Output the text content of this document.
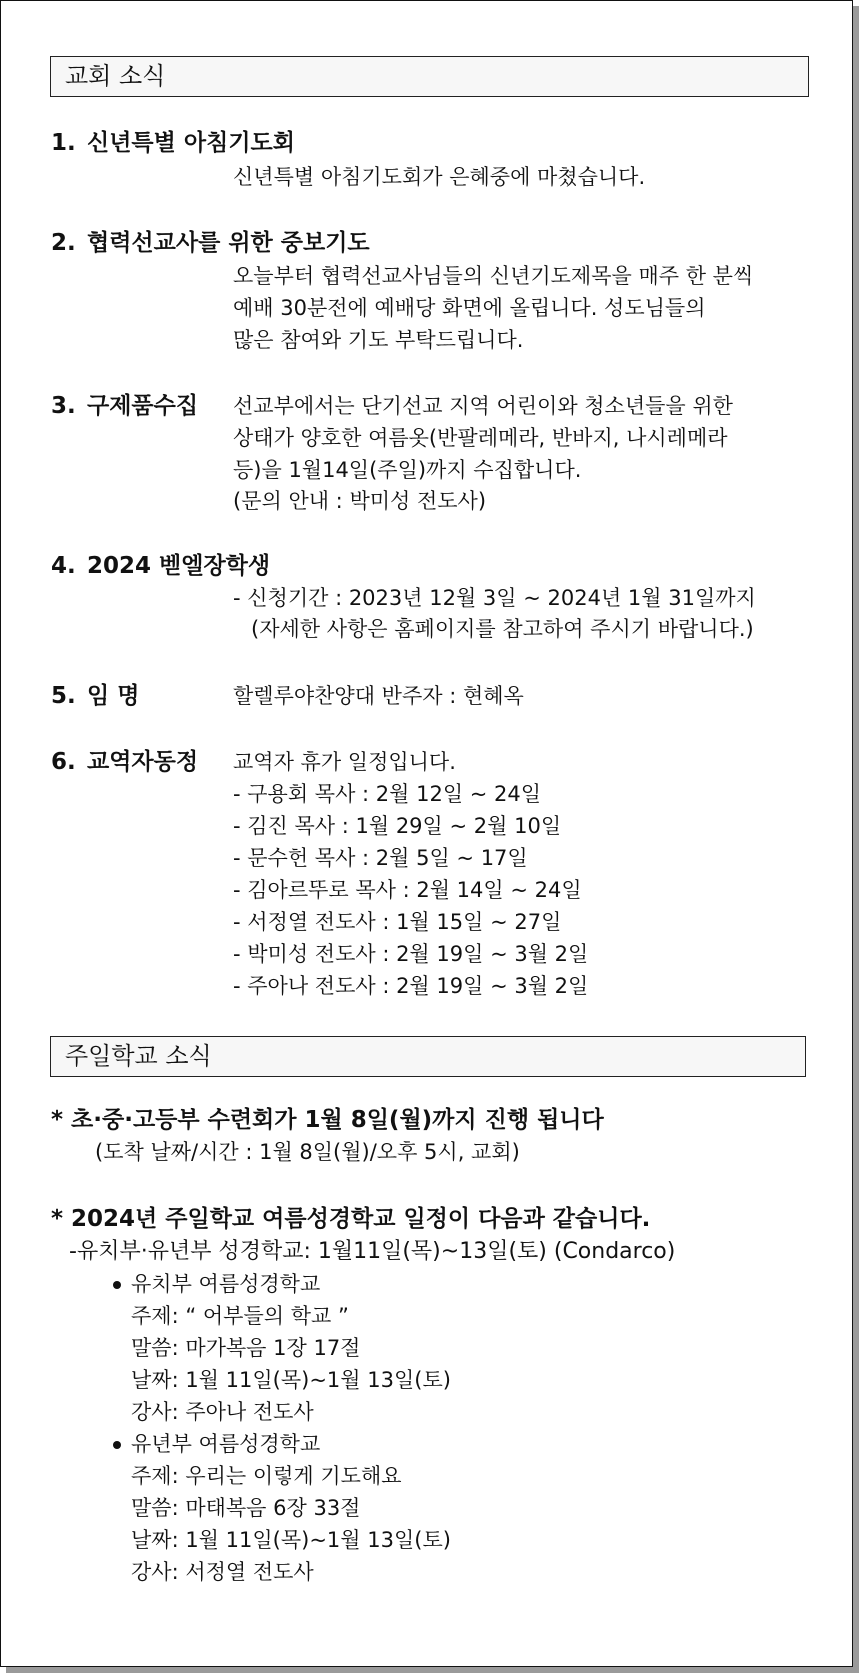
교회 소식
1. 신년특별 아침기도회
신년특별 아침기도회가 은혜중에 마쳤습니다.
2. 협력선교사를 위한 중보기도
오늘부터 협력선교사님들의 신년기도제목을 매주 한 분씩
예배 30분전에 예배당 화면에 올립니다. 성도님들의
많은 참여와 기도 부탁드립니다.
3. 구제품수집 선교부에서는 단기선교 지역 어린이와 청소년들을 위한
상태가 양호한 여름옷(반팔레메라, 반바지, 나시레메라
등)을 1월14일(주일)까지 수집합니다.
(문의 안내 : 박미성 전도사)
4. 2024 벧엘장학생
- 신청기간 : 2023년 12월 3일 ~ 2024년 1월 31일까지
(자세한 사항은 홈페이지를 참고하여 주시기 바랍니다.)
5. 임 명	할렐루야찬양대 반주자 : 현혜옥
6. 교역자동정 교역자 휴가 일정입니다.
- 구용회 목사 : 2월 12일 ~ 24일
- 김진 목사 : 1월 29일 ~ 2월 10일
- 문수헌 목사 : 2월 5일 ~ 17일
- 김아르뚜로 목사 : 2월 14일 ~ 24일
- 서정열 전도사 : 1월 15일 ~ 27일
- 박미성 전도사 : 2월 19일 ~ 3월 2일
- 주아나 전도사 : 2월 19일 ~ 3월 2일
주일학교 소식
* 초·중·고등부 수련회가 1월 8일(월)까지 진행 됩니다
(도착 날짜/시간 : 1월 8일(월)/오후 5시, 교회)
* 2024년 주일학교 여름성경학교 일정이 다음과 같습니다.
-유치부·유년부 성경학교: 1월11일(목)~13일(토) (Condarco)
유치부 여름성경학교
주제: “ 어부들의 학교 ”
말씀: 마가복음 1장 17절
날짜: 1월 11일(목)~1월 13일(토)
강사: 주아나 전도사
유년부 여름성경학교
주제: 우리는 이렇게 기도해요
말씀: 마태복음 6장 33절
날짜: 1월 11일(목)~1월 13일(토)
강사: 서정열 전도사
